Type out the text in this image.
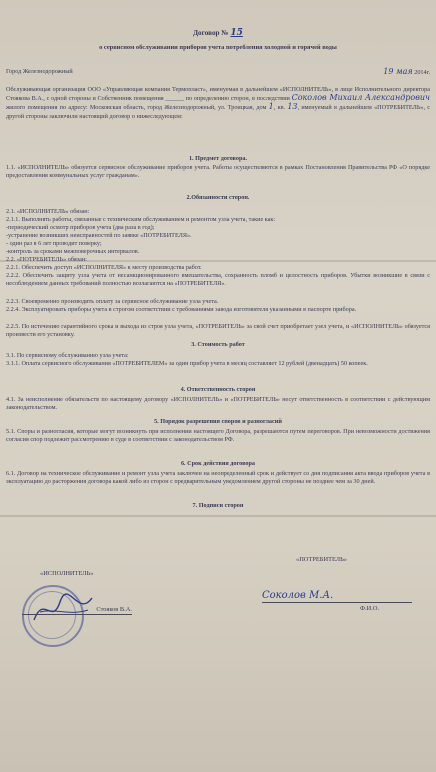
Договор № 15
о сервисном обслуживании приборов учета потребления холодной и горячей воды
Город Железнодорожный	19 мая 2014г.
Обслуживающая организация ООО «Управляющая компания Термопласт», именуемая в дальнейшем «ИСПОЛНИТЕЛЬ», в лице Исполнительного директора Стоякова В.А., с одной стороны и Собственник помещения ______ по определению сторон, в последствии Соколов Михаил Александрович жилого помещения по адресу: Московская область, город Железнодорожный, ул. Троицкая, дом 1, кв. 13, именуемый в дальнейшем «ПОТРЕБИТЕЛЬ», с другой стороны заключили настоящий договор о нижеследующем:
1. Предмет договора.
1.1. «ИСПОЛНИТЕЛЬ» обязуется сервисное обслуживание приборов учета. Работы осуществляются в рамках Постановления Правительства РФ «О порядке предоставления коммунальных услуг гражданам».
2.Обязанности сторон.
2.1. «ИСПОЛНИТЕЛЬ» обязан:
2.1.1. Выполнять работы, связанные с техническим обслуживанием и ремонтом узла учета, такие как:
-периодический осмотр приборов учета (два раза в год);
-устранение возникших неисправностей по заявке «ПОТРЕБИТЕЛЯ».
- один раз в 6 лет проводит поверку;
-контроль за сроками межповерочных интервалов.
2.2. «ПОТРЕБИТЕЛЬ» обязан:
2.2.1. Обеспечить доступ «ИСПОЛНИТЕЛЯ» к месту производства работ.
2.2.2. Обеспечить защиту узла учета от несанкционированного вмешательства, сохранность пломб и целостность приборов. Убытки возникшие в связи с несоблюдением данных требований полностью возлагаются на «ПОТРЕБИТЕЛЯ».
2.2.3. Своевременно производить оплату за сервисное обслуживание узла учета.
2.2.4. Эксплуатировать приборы учета в строгом соответствии с требованиями завода изготовителя указанными в паспорте прибора.
2.2.5. По истечению гарантийного срока и выхода из строя узла учета, «ПОТРЕБИТЕЛЬ» за свой счет приобретает узел учета, и «ИСПОЛНИТЕЛЬ» обязуется произвести его установку.
3. Стоимость работ
3.1. По сервисному обслуживанию узла учета:
3.1.1. Оплата сервисного обслуживания «ПОТРЕБИТЕЛЕМ» за один прибор учета в месяц составляет 12 рублей (двенадцать) 50 копеек.
4. Ответственность сторон
4.1. За неисполнение обязательств по настоящему договору «ИСПОЛНИТЕЛЬ» и «ПОТРЕБИТЕЛЬ» несут ответственность в соответствии с действующим законодательством.
5. Порядок разрешения споров и разногласий
5.1. Споры и разногласия, которые могут возникнуть при исполнении настоящего Договора, разрешаются путем переговоров. При невозможности достижения согласия спор подлежит рассмотрению в суде в соответствии с законодательством РФ.
6. Срок действия договора
6.1. Договор на техническое обслуживание и ремонт узла учета заключен на неопределенный срок и действует со дня подписания акта ввода приборов учета в эксплуатацию до расторжения договора какой либо из сторон с предварительным уведомлением другой стороны не позднее чем за 30 дней.
7. Подписи сторон
«ИСПОЛНИТЕЛЬ»
«ПОТРЕБИТЕЛЬ»
Стояков В.А.
Соколов М.А.
Ф.И.О.
